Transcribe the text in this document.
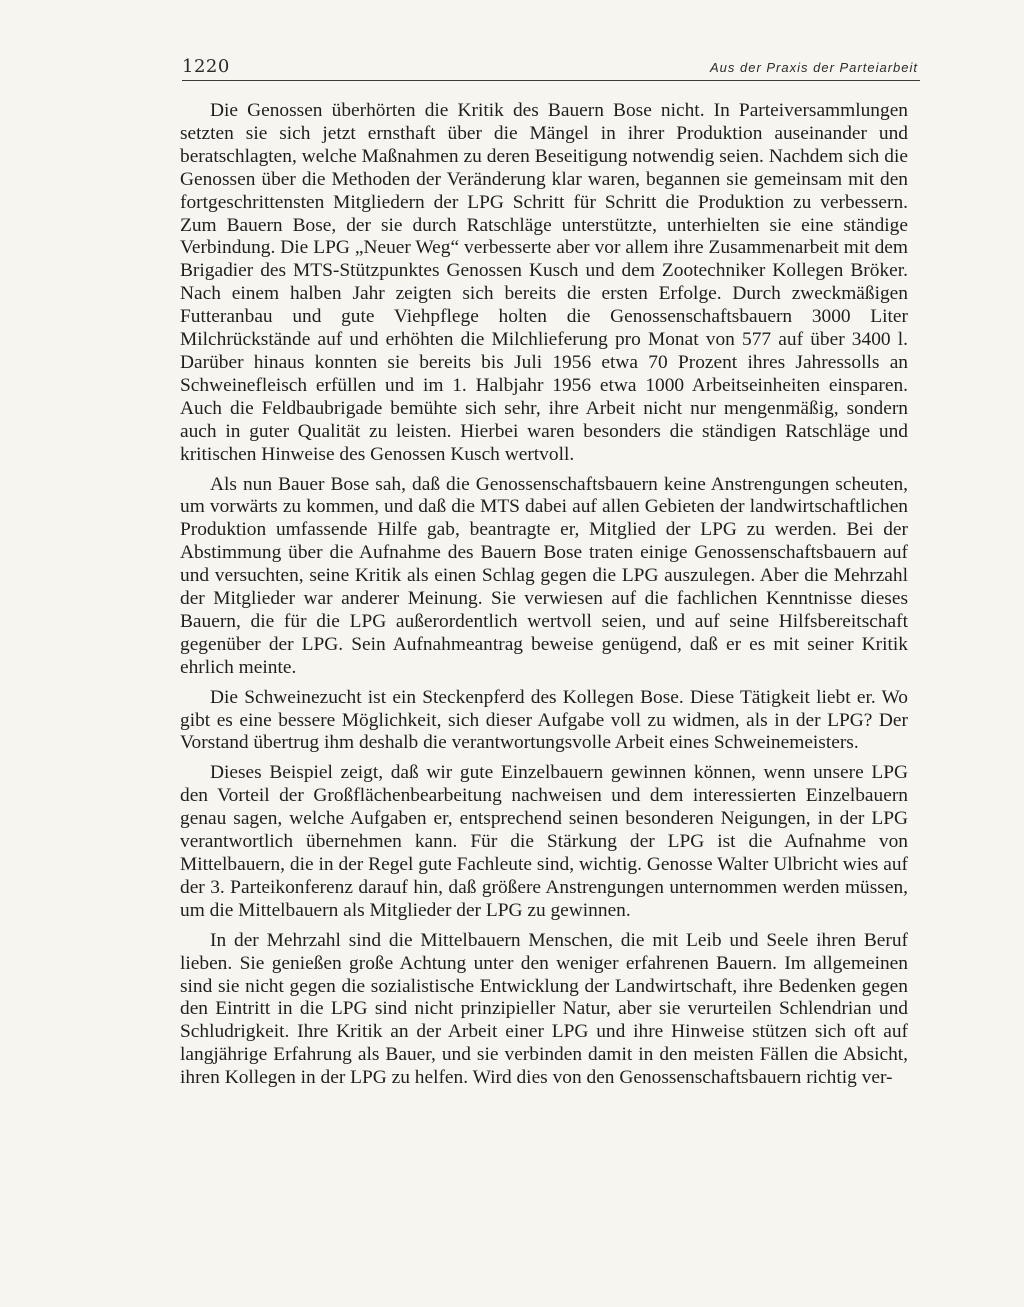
1220	Aus der Praxis der Parteiarbeit

Die Genossen überhörten die Kritik des Bauern Bose nicht. In Parteiversammlungen setzten sie sich jetzt ernsthaft über die Mängel in ihrer Produktion auseinander und beratschlagten, welche Maßnahmen zu deren Beseitigung notwendig seien. Nachdem sich die Genossen über die Methoden der Veränderung klar waren, begannen sie gemeinsam mit den fortgeschrittensten Mitgliedern der LPG Schritt für Schritt die Produktion zu verbessern. Zum Bauern Bose, der sie durch Ratschläge unterstützte, unterhielten sie eine ständige Verbindung. Die LPG „Neuer Weg“ verbesserte aber vor allem ihre Zusammenarbeit mit dem Brigadier des MTS-Stützpunktes Genossen Kusch und dem Zootechniker Kollegen Bröker. Nach einem halben Jahr zeigten sich bereits die ersten Erfolge. Durch zweckmäßigen Futteranbau und gute Viehpflege holten die Genossenschaftsbauern 3000 Liter Milchrückstände auf und erhöhten die Milchlieferung pro Monat von 577 auf über 3400 l. Darüber hinaus konnten sie bereits bis Juli 1956 etwa 70 Prozent ihres Jahressolls an Schweinefleisch erfüllen und im 1. Halbjahr 1956 etwa 1000 Arbeitseinheiten einsparen. Auch die Feldbaubrigade bemühte sich sehr, ihre Arbeit nicht nur mengenmäßig, sondern auch in guter Qualität zu leisten. Hierbei waren besonders die ständigen Ratschläge und kritischen Hinweise des Genossen Kusch wertvoll.

Als nun Bauer Bose sah, daß die Genossenschaftsbauern keine Anstrengungen scheuten, um vorwärts zu kommen, und daß die MTS dabei auf allen Gebieten der landwirtschaftlichen Produktion umfassende Hilfe gab, beantragte er, Mitglied der LPG zu werden. Bei der Abstimmung über die Aufnahme des Bauern Bose traten einige Genossenschaftsbauern auf und versuchten, seine Kritik als einen Schlag gegen die LPG auszulegen. Aber die Mehrzahl der Mitglieder war anderer Meinung. Sie verwiesen auf die fachlichen Kenntnisse dieses Bauern, die für die LPG außerordentlich wertvoll seien, und auf seine Hilfsbereitschaft gegenüber der LPG. Sein Aufnahmeantrag beweise genügend, daß er es mit seiner Kritik ehrlich meinte.

Die Schweinezucht ist ein Steckenpferd des Kollegen Bose. Diese Tätigkeit liebt er. Wo gibt es eine bessere Möglichkeit, sich dieser Aufgabe voll zu widmen, als in der LPG? Der Vorstand übertrug ihm deshalb die verantwortungsvolle Arbeit eines Schweinemeisters.

Dieses Beispiel zeigt, daß wir gute Einzelbauern gewinnen können, wenn unsere LPG den Vorteil der Großflächenbearbeitung nachweisen und dem interessierten Einzelbauern genau sagen, welche Aufgaben er, entsprechend seinen besonderen Neigungen, in der LPG verantwortlich übernehmen kann. Für die Stärkung der LPG ist die Aufnahme von Mittelbauern, die in der Regel gute Fachleute sind, wichtig. Genosse Walter Ulbricht wies auf der 3. Parteikonferenz darauf hin, daß größere Anstrengungen unternommen werden müssen, um die Mittelbauern als Mitglieder der LPG zu gewinnen.

In der Mehrzahl sind die Mittelbauern Menschen, die mit Leib und Seele ihren Beruf lieben. Sie genießen große Achtung unter den weniger erfahrenen Bauern. Im allgemeinen sind sie nicht gegen die sozialistische Entwicklung der Landwirtschaft, ihre Bedenken gegen den Eintritt in die LPG sind nicht prinzipieller Natur, aber sie verurteilen Schlendrian und Schludrigkeit. Ihre Kritik an der Arbeit einer LPG und ihre Hinweise stützen sich oft auf langjährige Erfahrung als Bauer, und sie verbinden damit in den meisten Fällen die Absicht, ihren Kollegen in der LPG zu helfen. Wird dies von den Genossenschaftsbauern richtig ver-
